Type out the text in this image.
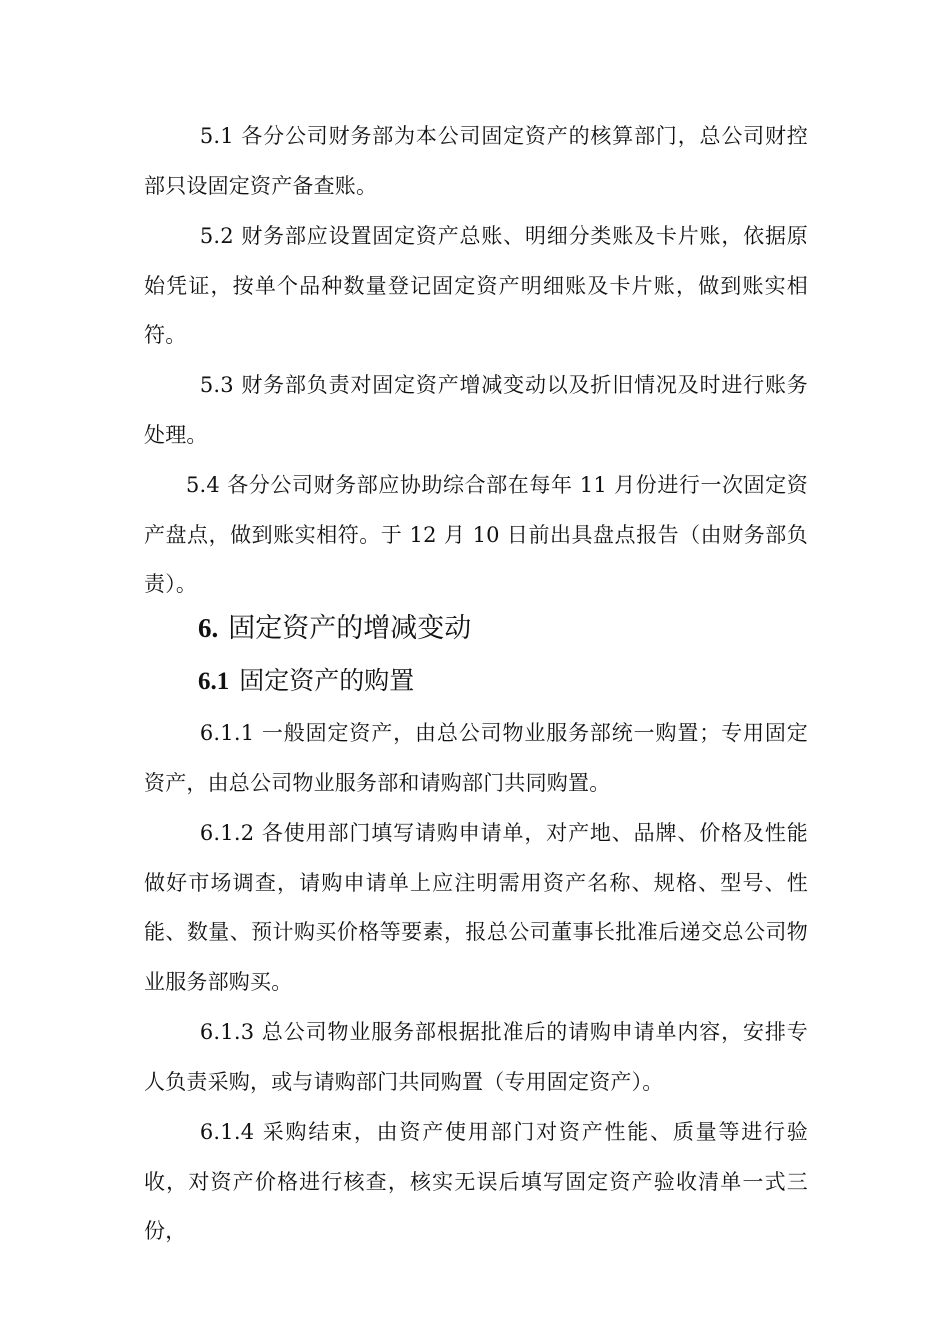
5.1 各分公司财务部为本公司固定资产的核算部门，总公司财控部只设固定资产备查账。

5.2 财务部应设置固定资产总账、明细分类账及卡片账，依据原始凭证，按单个品种数量登记固定资产明细账及卡片账，做到账实相符。

5.3 财务部负责对固定资产增减变动以及折旧情况及时进行账务处理。

5.4 各分公司财务部应协助综合部在每年 11 月份进行一次固定资产盘点，做到账实相符。于 12 月 10 日前出具盘点报告（由财务部负责）。

6. 固定资产的增减变动
6.1 固定资产的购置

6.1.1 一般固定资产，由总公司物业服务部统一购置；专用固定资产，由总公司物业服务部和请购部门共同购置。

6.1.2 各使用部门填写请购申请单，对产地、品牌、价格及性能做好市场调查，请购申请单上应注明需用资产名称、规格、型号、性能、数量、预计购买价格等要素，报总公司董事长批准后递交总公司物业服务部购买。

6.1.3 总公司物业服务部根据批准后的请购申请单内容，安排专人负责采购，或与请购部门共同购置（专用固定资产）。

6.1.4 采购结束，由资产使用部门对资产性能、质量等进行验收，对资产价格进行核查，核实无误后填写固定资产验收清单一式三份，
